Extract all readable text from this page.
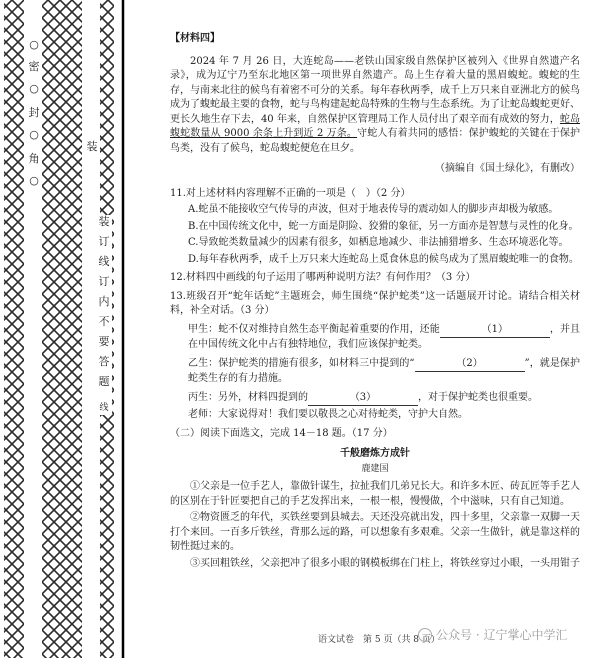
○
密
○
封
○
角
○
装
装
订
线
订
内
不
要
答
题
线

【材料四】

2024 年 7 月 26 日，大连蛇岛——老铁山国家级自然保护区被列入《世界自然遗产名录》，成为辽宁乃至东北地区第一项世界自然遗产。岛上生存着大量的黑眉蝮蛇。蝮蛇的生存，与南来北往的候鸟有着密不可分的关系。每年春秋两季，成千上万只来自亚洲北方的候鸟成为了蝮蛇最主要的食物，蛇与鸟构建起蛇岛特殊的生物与生态系统。为了让蛇岛蝮蛇更好、更长久地生存下去，40 年来，自然保护区管理局工作人员付出了艰辛而有成效的努力，蛇岛蝮蛇数量从 9000 余条上升到近 2 万条。守蛇人有着共同的感悟：保护蝮蛇的关键在于保护鸟类，没有了候鸟，蛇岛蝮蛇便危在旦夕。

（摘编自《国土绿化》，有删改）

11.对上述材料内容理解不正确的一项是（　）（2 分）

A.蛇虽不能接收空气传导的声波，但对于地表传导的震动如人的脚步声却极为敏感。

B.在中国传统文化中，蛇一方面是阴险、狡猾的象征，另一方面亦是智慧与灵性的化身。

C.导致蛇类数量减少的因素有很多，如栖息地减少、非法捕猎增多、生态环境恶化等。

D.每年春秋两季，成千上万只来大连蛇岛上觅食休息的候鸟成为了黑眉蝮蛇唯一的食物。

12.材料四中画线的句子运用了哪两种说明方法？有何作用？（3 分）

13.班级召开“蛇年话蛇”主题班会，师生围绕“保护蛇类”这一话题展开讨论。请结合相关材料，补全对话。（3 分）

甲生：蛇不仅对维持自然生态平衡起着重要的作用，还能	（1）	，并且在中国传统文化中占有独特地位，我们应该保护蛇类。

乙生：保护蛇类的措施有很多，如材料三中提到的“	（2）	”，就是保护蛇类生存的有力措施。

丙生：另外，材料四提到的	（3）	，对于保护蛇类也很重要。

老师：大家说得对！我们要以敬畏之心对待蛇类，守护大自然。

（二）阅读下面选文，完成 14－18 题。（17 分）

千般磨炼方成针

鹿建国

①父亲是一位手艺人，靠做针谋生，拉扯我们几弟兄长大。和许多木匠、砖瓦匠等手艺人的区别在于针匠要把自己的手艺发挥出来，一根一根，慢慢做，个中滋味，只有自己知道。

②物资匮乏的年代，买铁丝要到县城去。天还没亮就出发，四十多里，父亲靠一双脚一天打个来回。一百多斤铁丝，背那么远的路，可以想象有多艰难。父亲一生做针，就是靠这样的韧性挺过来的。

③买回粗铁丝，父亲把冲了很多小眼的钢模板绑在门柱上，将铁丝穿过小眼，一头用钳子

语文试卷　第 5 页（共 8 页）
公众号 · 辽宁掌心中学汇
